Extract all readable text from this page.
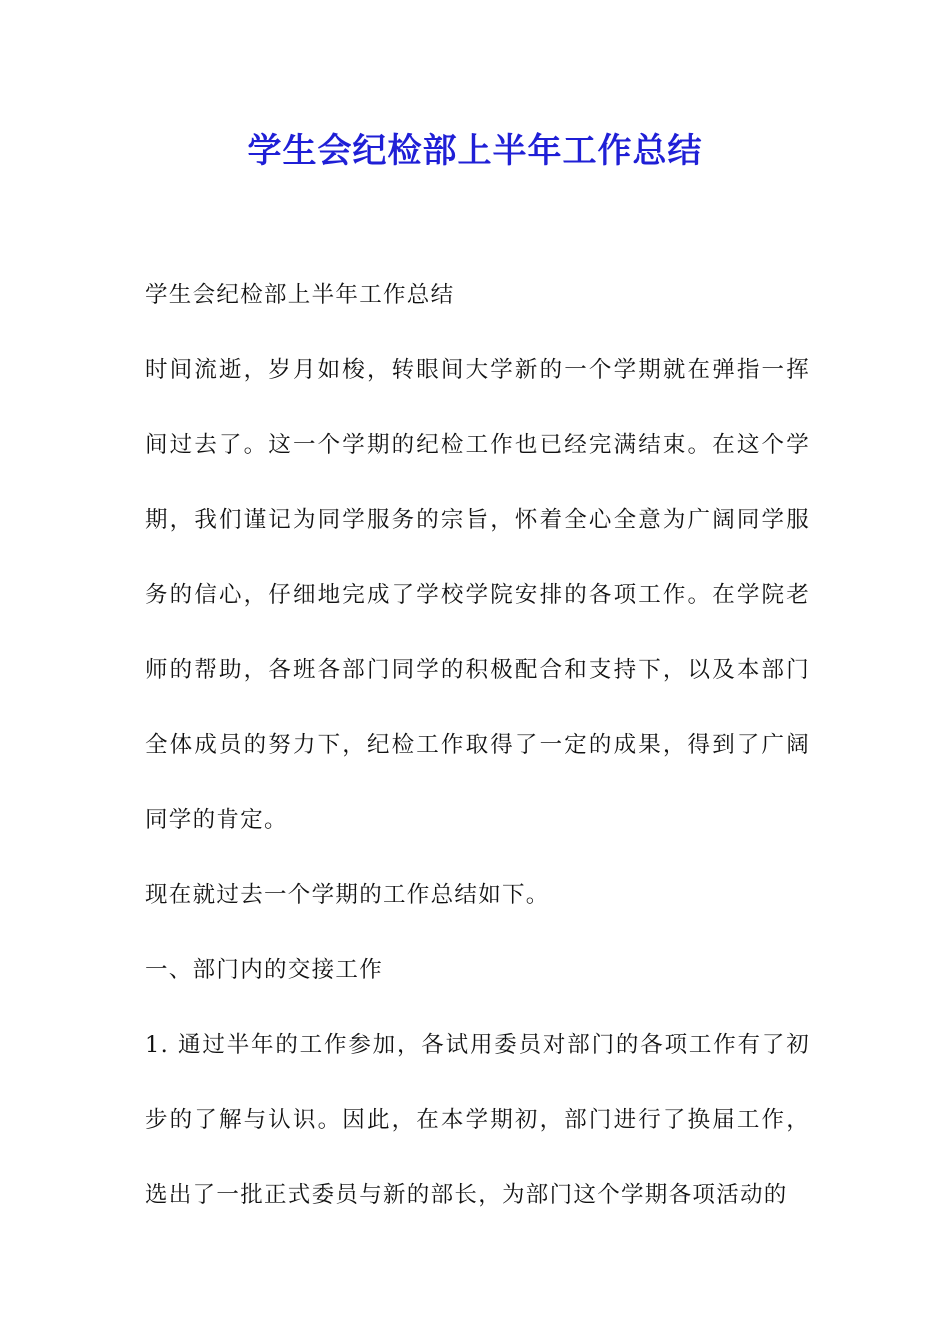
学生会纪检部上半年工作总结

学生会纪检部上半年工作总结

时间流逝，岁月如梭，转眼间大学新的一个学期就在弹指一挥间过去了。这一个学期的纪检工作也已经完满结束。在这个学期，我们谨记为同学服务的宗旨，怀着全心全意为广阔同学服务的信心，仔细地完成了学校学院安排的各项工作。在学院老师的帮助，各班各部门同学的积极配合和支持下，以及本部门全体成员的努力下，纪检工作取得了一定的成果，得到了广阔同学的肯定。

现在就过去一个学期的工作总结如下。

一、部门内的交接工作

1. 通过半年的工作参加，各试用委员对部门的各项工作有了初步的了解与认识。因此，在本学期初，部门进行了换届工作，选出了一批正式委员与新的部长，为部门这个学期各项活动的
